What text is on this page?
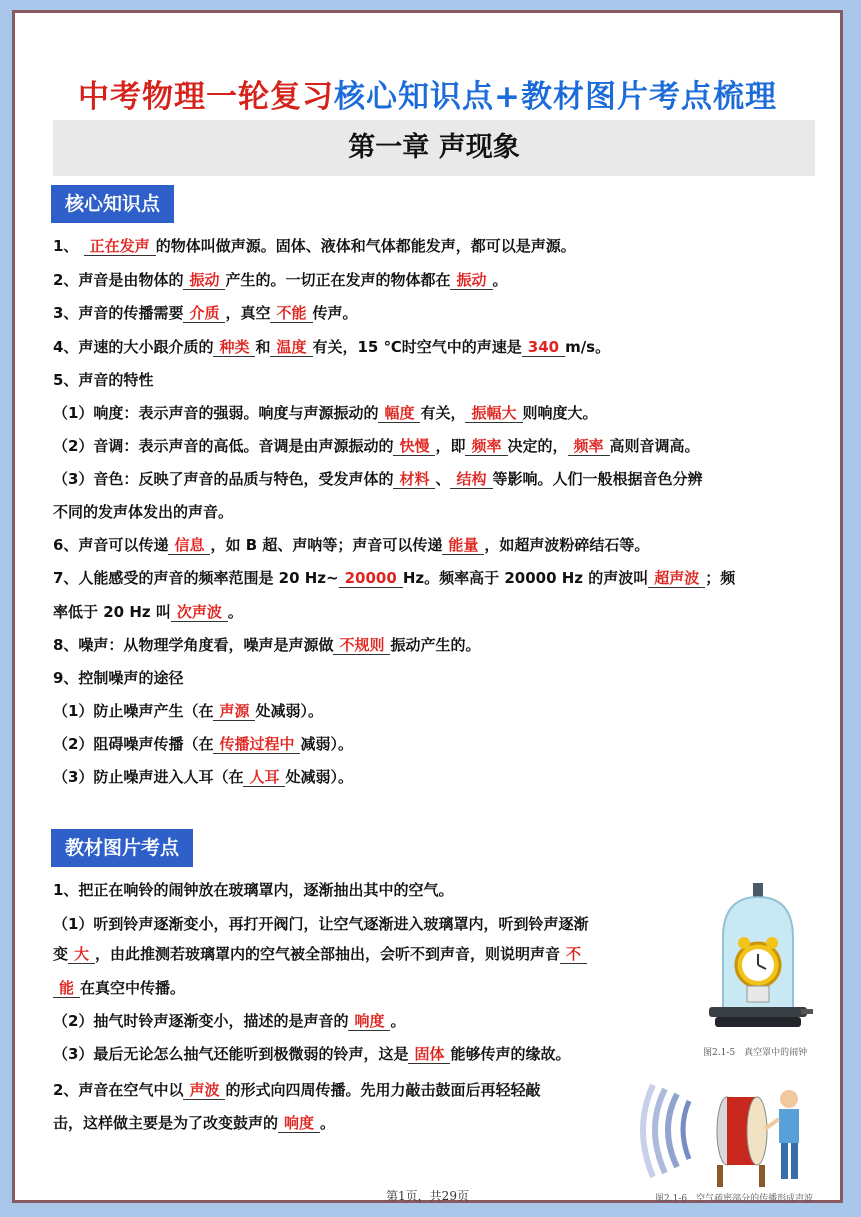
中考物理一轮复习核心知识点+教材图片考点梳理
第一章 声现象
核心知识点
1、 正在发声 的物体叫做声源。固体、液体和气体都能发声，都可以是声源。
2、声音是由物体的 振动 产生的。一切正在发声的物体都在 振动 。
3、声音的传播需要 介质 ，真空 不能 传声。
4、声速的大小跟介质的 种类 和 温度 有关，15 ℃时空气中的声速是 340 m/s。
5、声音的特性
（1）响度：表示声音的强弱。响度与声源振动的 幅度 有关， 振幅大 则响度大。
（2）音调：表示声音的高低。音调是由声源振动的 快慢 ，即 频率 决定的， 频率 高则音调高。
（3）音色：反映了声音的品质与特色，受发声体的 材料 、 结构 等影响。人们一般根据音色分辨
不同的发声体发出的声音。
6、声音可以传递 信息 ，如 B 超、声呐等；声音可以传递 能量 ，如超声波粉碎结石等。
7、人能感受的声音的频率范围是 20 Hz~ 20000 Hz。频率高于 20000 Hz 的声波叫 超声波 ；频
率低于 20 Hz 叫 次声波 。
8、噪声：从物理学角度看，噪声是声源做 不规则 振动产生的。
9、控制噪声的途径
（1）防止噪声产生（在 声源 处减弱）。
（2）阻碍噪声传播（在 传播过程中 减弱）。
（3）防止噪声进入人耳（在 人耳 处减弱）。
教材图片考点
1、把正在响铃的闹钟放在玻璃罩内，逐渐抽出其中的空气。
（1）听到铃声逐渐变小，再打开阀门，让空气逐渐进入玻璃罩内，听到铃声逐渐
变 大 ，由此推测若玻璃罩内的空气被全部抽出，会听不到声音，则说明声音 不
能 在真空中传播。
（2）抽气时铃声逐渐变小，描述的是声音的 响度 。
（3）最后无论怎么抽气还能听到极微弱的铃声，这是 固体 能够传声的缘故。
2、声音在空气中以 声波 的形式向四周传播。先用力敲击鼓面后再轻轻敲
击，这样做主要是为了改变鼓声的 响度 。
图2.1-5　真空罩中的闹钟
图2.1-6　空气疏密部分的传播形成声波
第1页，共29页
